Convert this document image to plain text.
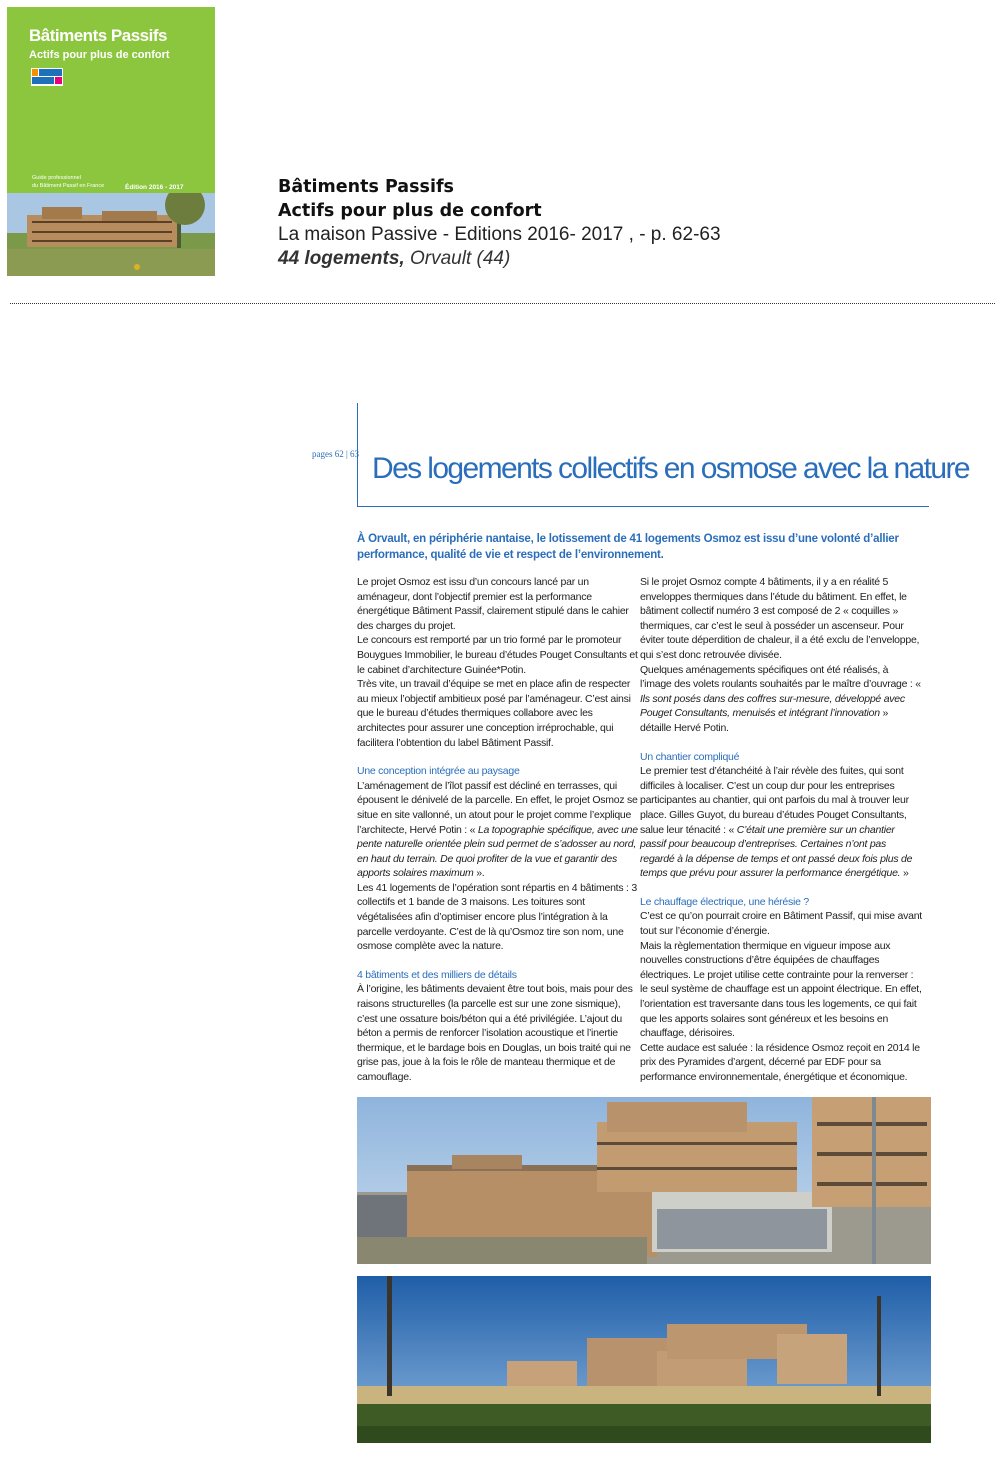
Bâtiments Passifs
Actifs pour plus de confort
Guide professionnel
du Bâtiment Passif en France	Édition 2016 - 2017	Bâtiments Passifs
Actifs pour plus de confort
La maison Passive - Editions 2016- 2017 , - p. 62-63
44 logements, Orvault (44)
pages 62 | 63 Des logements collectifs en osmose avec la nature
À Orvault, en périphérie nantaise, le lotissement de 41 logements Osmoz est issu d’une volonté d’allier performance, qualité de vie et respect de l’environnement.

Le projet Osmoz est issu d’un concours lancé par un aménageur, dont l’objectif premier est la performance énergétique Bâtiment Passif, clairement stipulé dans le cahier des charges du projet.

Le concours est remporté par un trio formé par le promoteur Bouygues Immobilier, le bureau d’études Pouget Consultants et le cabinet d’architecture Guinée*Potin.

Très vite, un travail d’équipe se met en place afin de respecter au mieux l’objectif ambitieux posé par l’aménageur. C’est ainsi que le bureau d’études thermiques collabore avec les architectes pour assurer une conception irréprochable, qui facilitera l’obtention du label Bâtiment Passif.

Une conception intégrée au paysage

L’aménagement de l’îlot passif est décliné en terrasses, qui épousent le dénivelé de la parcelle. En effet, le projet Osmoz se situe en site vallonné, un atout pour le projet comme l’explique l’architecte, Hervé Potin : « La topographie spécifique, avec une pente naturelle orientée plein sud permet de s’adosser au nord, en haut du terrain. De quoi profiter de la vue et garantir des apports solaires maximum ».

Les 41 logements de l’opération sont répartis en 4 bâtiments : 3 collectifs et 1 bande de 3 maisons. Les toitures sont végétalisées afin d’optimiser encore plus l’intégration à la parcelle verdoyante. C’est de là qu’Osmoz tire son nom, une osmose complète avec la nature.

4 bâtiments et des milliers de détails

À l’origine, les bâtiments devaient être tout bois, mais pour des raisons structurelles (la parcelle est sur une zone sismique), c’est une ossature bois/béton qui a été privilégiée. L’ajout du béton a permis de renforcer l’isolation acoustique et l’inertie thermique, et le bardage bois en Douglas, un bois traité qui ne grise pas, joue à la fois le rôle de manteau thermique et de camouflage.

Si le projet Osmoz compte 4 bâtiments, il y a en réalité 5 enveloppes thermiques dans l’étude du bâtiment. En effet, le bâtiment collectif numéro 3 est composé de 2 « coquilles » thermiques, car c’est le seul à posséder un ascenseur. Pour éviter toute déperdition de chaleur, il a été exclu de l’enveloppe, qui s’est donc retrouvée divisée.

Quelques aménagements spécifiques ont été réalisés, à l’image des volets roulants souhaités par le maître d’ouvrage : « Ils sont posés dans des coffres sur-mesure, développé avec Pouget Consultants, menuisés et intégrant l’innovation » détaille Hervé Potin.

Un chantier compliqué

Le premier test d’étanchéité à l’air révèle des fuites, qui sont difficiles à localiser. C’est un coup dur pour les entreprises participantes au chantier, qui ont parfois du mal à trouver leur place. Gilles Guyot, du bureau d’études Pouget Consultants, salue leur ténacité : « C’était une première sur un chantier passif pour beaucoup d’entreprises. Certaines n’ont pas regardé à la dépense de temps et ont passé deux fois plus de temps que prévu pour assurer la performance énergétique. »

Le chauffage électrique, une hérésie ?

C’est ce qu’on pourrait croire en Bâtiment Passif, qui mise avant tout sur l’économie d’énergie.

Mais la règlementation thermique en vigueur impose aux nouvelles constructions d’être équipées de chauffages électriques. Le projet utilise cette contrainte pour la renverser : le seul système de chauffage est un appoint électrique. En effet, l’orientation est traversante dans tous les logements, ce qui fait que les apports solaires sont généreux et les besoins en chauffage, dérisoires.

Cette audace est saluée : la résidence Osmoz reçoit en 2014 le prix des Pyramides d’argent, décerné par EDF pour sa performance environnementale, énergétique et économique.
